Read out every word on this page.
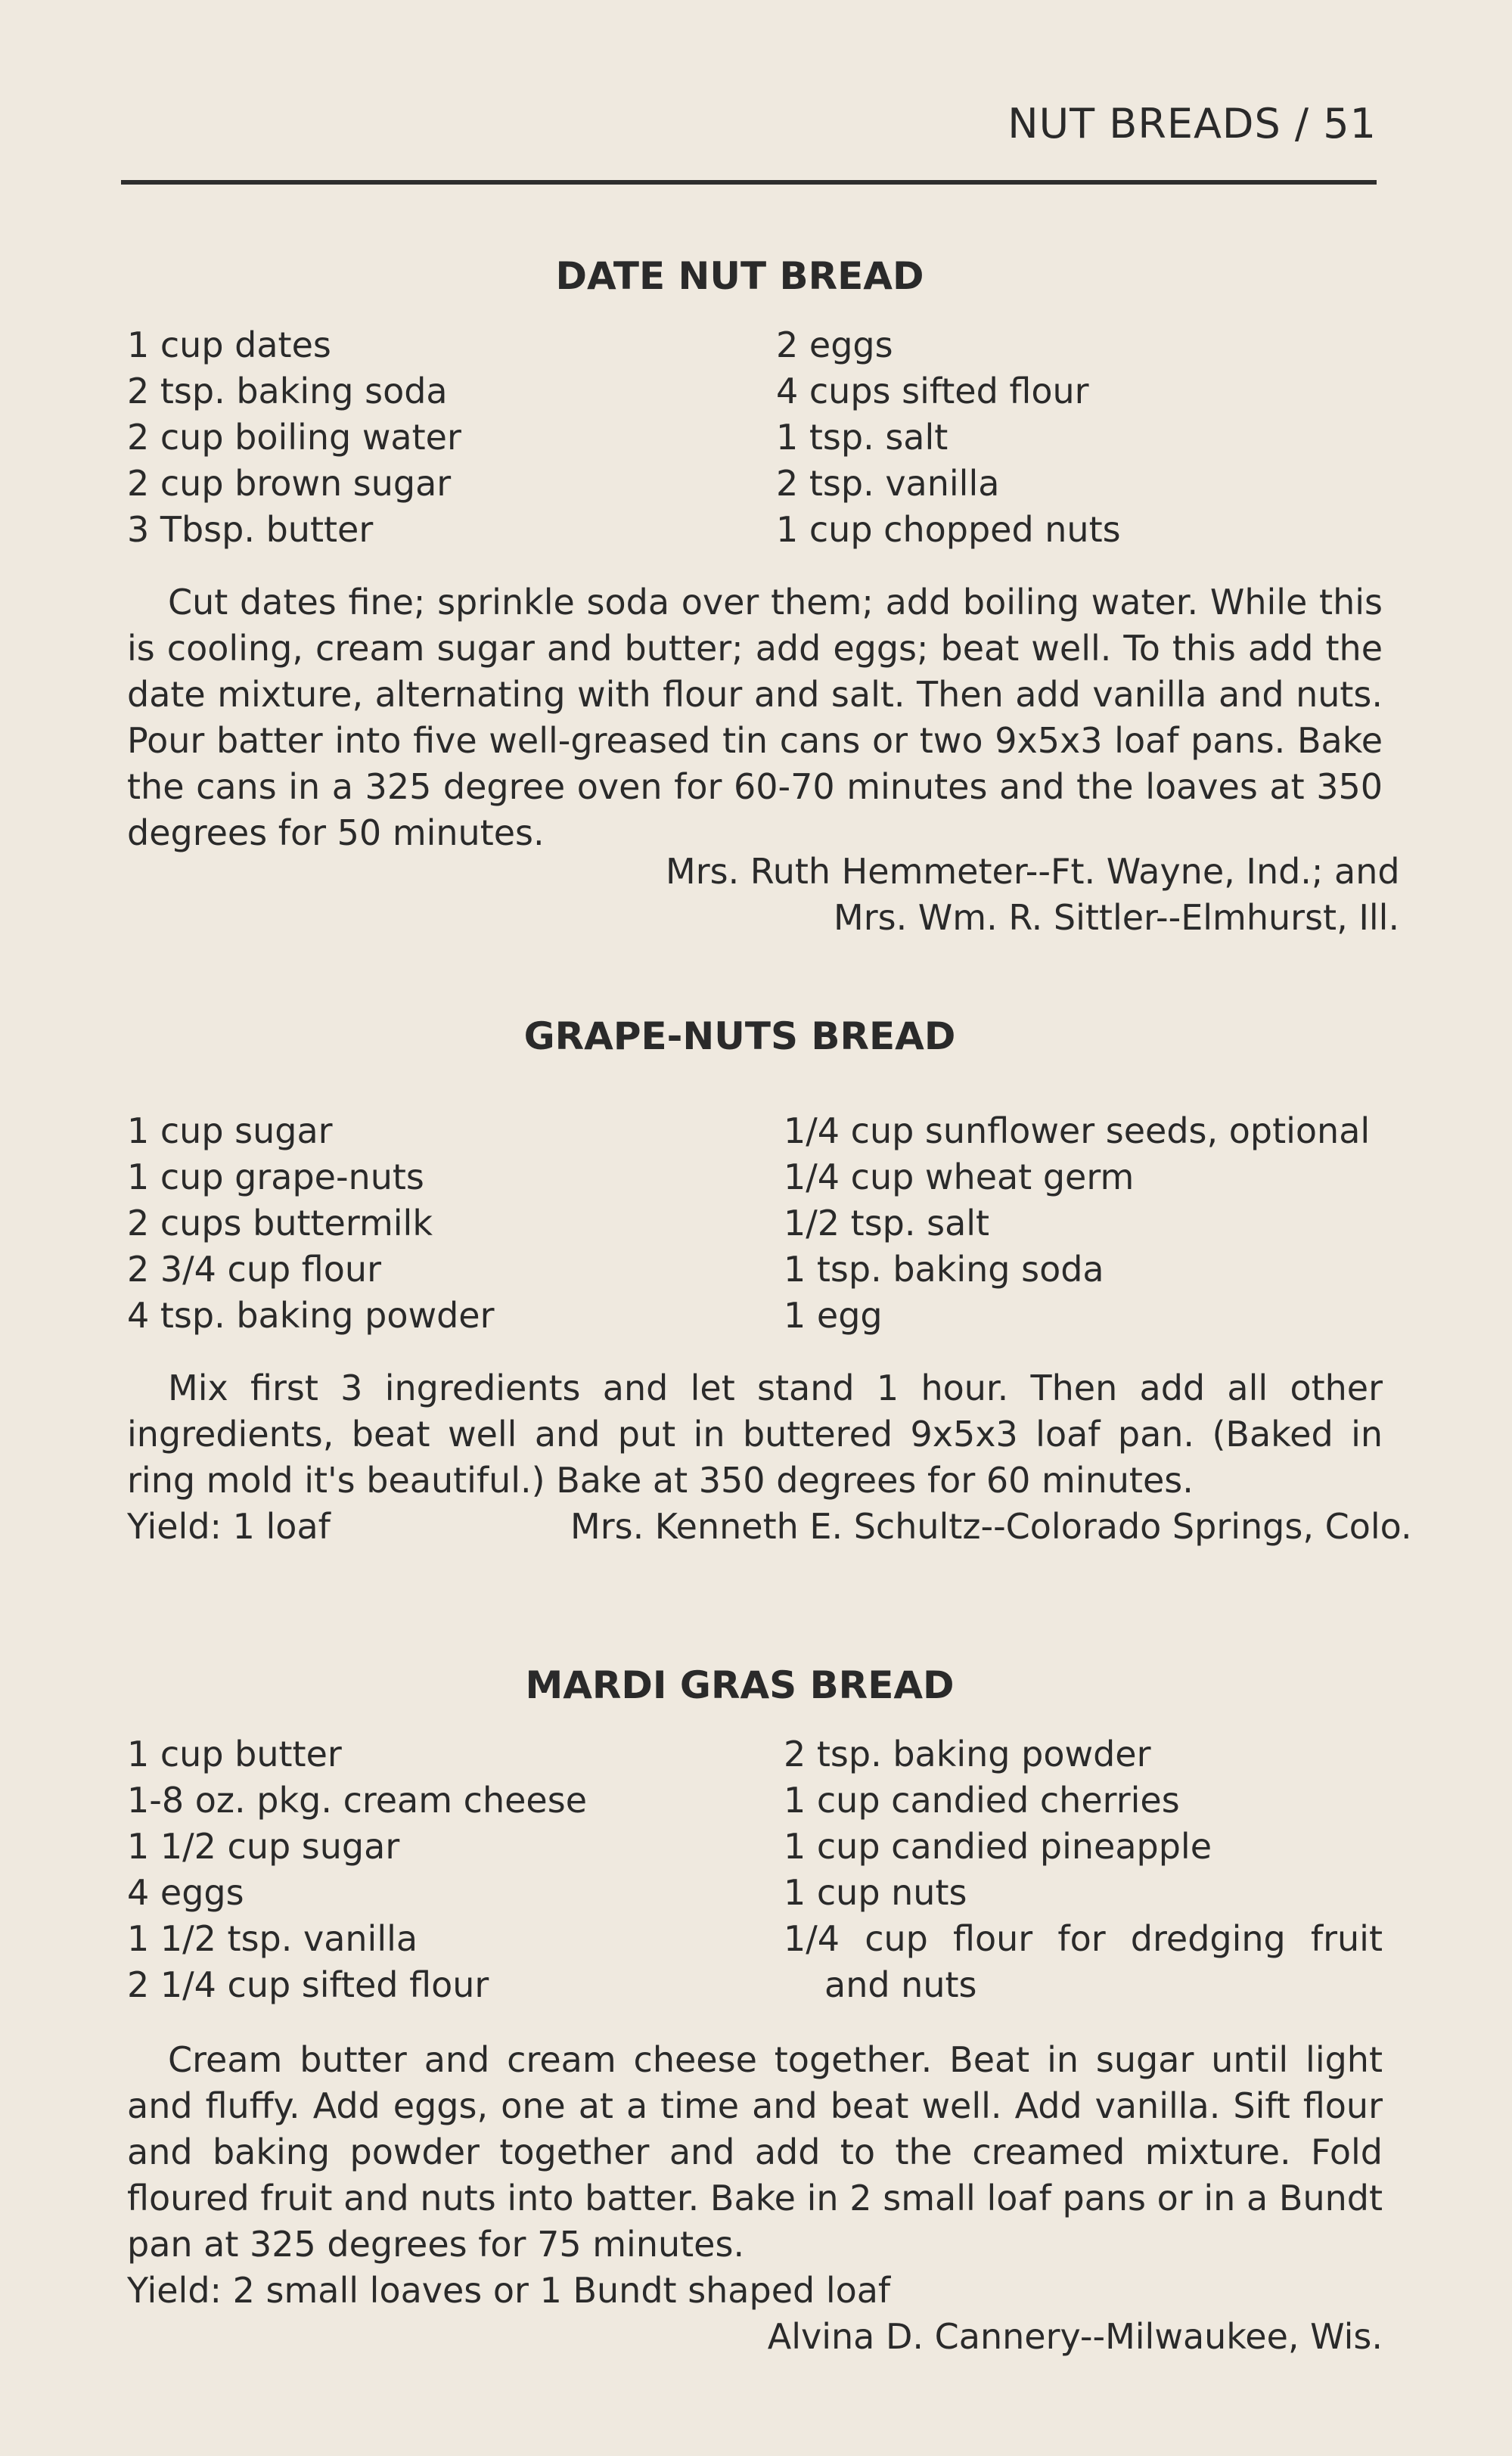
NUT BREADS / 51
DATE NUT BREAD
1 cup dates
2 tsp. baking soda
2 cup boiling water
2 cup brown sugar
3 Tbsp. butter
2 eggs
4 cups sifted flour
1 tsp. salt
2 tsp. vanilla
1 cup chopped nuts

Cut dates fine; sprinkle soda over them; add boiling water. While this is cooling, cream sugar and butter; add eggs; beat well. To this add the date mixture, alternating with flour and salt. Then add vanilla and nuts. Pour batter into five well-greased tin cans or two 9x5x3 loaf pans. Bake the cans in a 325 degree oven for 60-70 minutes and the loaves at 350 degrees for 50 minutes.

Mrs. Ruth Hemmeter--Ft. Wayne, Ind.; and
Mrs. Wm. R. Sittler--Elmhurst, Ill.
GRAPE-NUTS BREAD
1 cup sugar
1 cup grape-nuts
2 cups buttermilk
2 3/4 cup flour
4 tsp. baking powder
1/4 cup sunflower seeds, optional
1/4 cup wheat germ
1/2 tsp. salt
1 tsp. baking soda
1 egg

Mix first 3 ingredients and let stand 1 hour. Then add all other ingredients, beat well and put in buttered 9x5x3 loaf pan. (Baked in ring mold it's beautiful.) Bake at 350 degrees for 60 minutes.

Yield: 1 loaf	Mrs. Kenneth E. Schultz--Colorado Springs, Colo.
MARDI GRAS BREAD
1 cup butter
1-8 oz. pkg. cream cheese
1 1/2 cup sugar
4 eggs
1 1/2 tsp. vanilla
2 1/4 cup sifted flour
2 tsp. baking powder
1 cup candied cherries
1 cup candied pineapple
1 cup nuts
1/4 cup flour for dredging fruit
and nuts

Cream butter and cream cheese together. Beat in sugar until light and fluffy. Add eggs, one at a time and beat well. Add vanilla. Sift flour and baking powder together and add to the creamed mixture. Fold floured fruit and nuts into batter. Bake in 2 small loaf pans or in a Bundt pan at 325 degrees for 75 minutes.

Yield: 2 small loaves or 1 Bundt shaped loaf
Alvina D. Cannery--Milwaukee, Wis.
